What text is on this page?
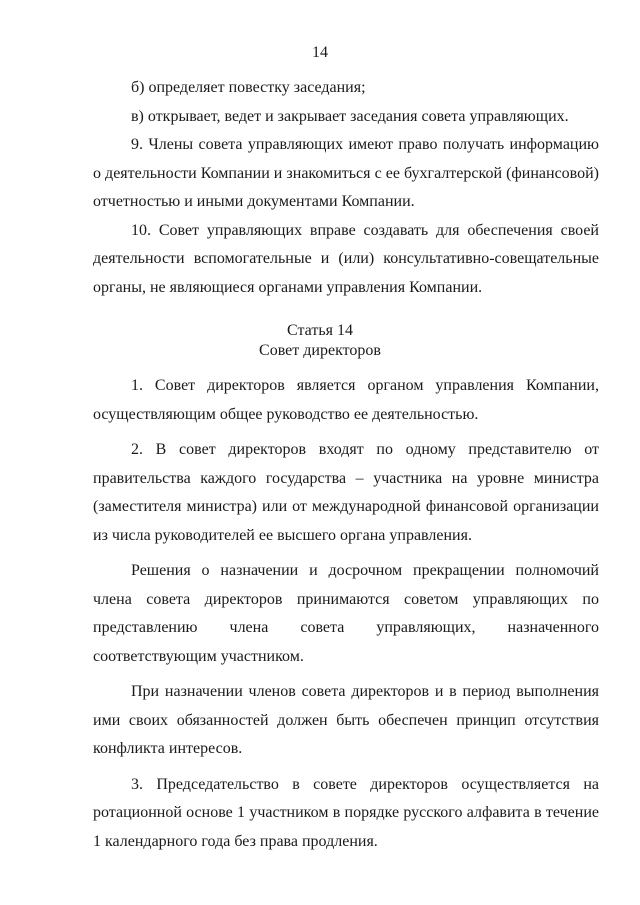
14

б) определяет повестку заседания;

в) открывает, ведет и закрывает заседания совета управляющих.

9. Члены совета управляющих имеют право получать информацию о деятельности Компании и знакомиться с ее бухгалтерской (финансовой) отчетностью и иными документами Компании.

10. Совет управляющих вправе создавать для обеспечения своей деятельности вспомогательные и (или) консультативно-совещательные органы, не являющиеся органами управления Компании.

Статья 14
Совет директоров

1. Совет директоров является органом управления Компании, осуществляющим общее руководство ее деятельностью.

2. В совет директоров входят по одному представителю от правительства каждого государства – участника на уровне министра (заместителя министра) или от международной финансовой организации из числа руководителей ее высшего органа управления.

Решения о назначении и досрочном прекращении полномочий члена совета директоров принимаются советом управляющих по представлению члена совета управляющих, назначенного соответствующим участником.

При назначении членов совета директоров и в период выполнения ими своих обязанностей должен быть обеспечен принцип отсутствия конфликта интересов.

3. Председательство в совете директоров осуществляется на ротационной основе 1 участником в порядке русского алфавита в течение 1 календарного года без права продления.
